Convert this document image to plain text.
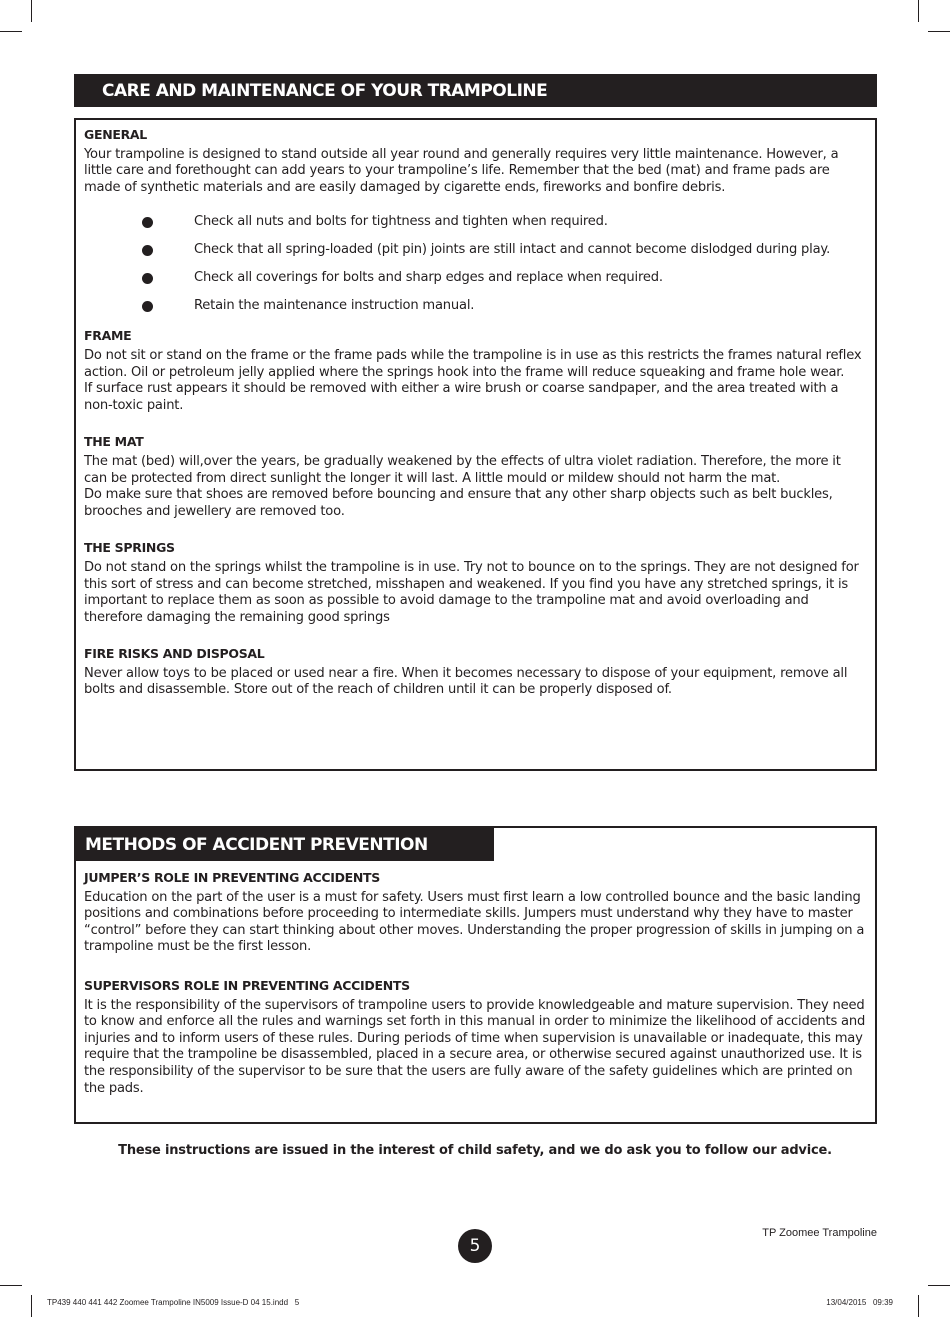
CARE AND MAINTENANCE OF YOUR TRAMPOLINE
GENERAL

Your trampoline is designed to stand outside all year round and generally requires very little maintenance. However, a little care and forethought can add years to your trampoline’s life. Remember that the bed (mat) and frame pads are made of synthetic materials and are easily damaged by cigarette ends, fireworks and bonfire debris.

Check all nuts and bolts for tightness and tighten when required.
Check that all spring-loaded (pit pin) joints are still intact and cannot become dislodged during play.
Check all coverings for bolts and sharp edges and replace when required.
Retain the maintenance instruction manual.
FRAME

Do not sit or stand on the frame or the frame pads while the trampoline is in use as this restricts the frames natural reflex action. Oil or petroleum jelly applied where the springs hook into the frame will reduce squeaking and frame hole wear.

If surface rust appears it should be removed with either a wire brush or coarse sandpaper, and the area treated with a non-toxic paint.

THE MAT

The mat (bed) will,over the years, be gradually weakened by the effects of ultra violet radiation. Therefore, the more it can be protected from direct sunlight the longer it will last. A little mould or mildew should not harm the mat.

Do make sure that shoes are removed before bouncing and ensure that any other sharp objects such as belt buckles, brooches and jewellery are removed too.

THE SPRINGS

Do not stand on the springs whilst the trampoline is in use. Try not to bounce on to the springs. They are not designed for this sort of stress and can become stretched, misshapen and weakened. If you find you have any stretched springs, it is important to replace them as soon as possible to avoid damage to the trampoline mat and avoid overloading and therefore damaging the remaining good springs

FIRE RISKS AND DISPOSAL

Never allow toys to be placed or used near a fire. When it becomes necessary to dispose of your equipment, remove all bolts and disassemble. Store out of the reach of children until it can be properly disposed of.

METHODS OF ACCIDENT PREVENTION
JUMPER’S ROLE IN PREVENTING ACCIDENTS

Education on the part of the user is a must for safety. Users must first learn a low controlled bounce and the basic landing positions and combinations before proceeding to intermediate skills. Jumpers must understand why they have to master “control” before they can start thinking about other moves. Understanding the proper progression of skills in jumping on a trampoline must be the first lesson.

SUPERVISORS ROLE IN PREVENTING ACCIDENTS

It is the responsibility of the supervisors of trampoline users to provide knowledgeable and mature supervision. They need to know and enforce all the rules and warnings set forth in this manual in order to minimize the likelihood of accidents and injuries and to inform users of these rules. During periods of time when supervision is unavailable or inadequate, this may require that the trampoline be disassembled, placed in a secure area, or otherwise secured against unauthorized use. It is the responsibility of the supervisor to be sure that the users are fully aware of the safety guidelines which are printed on the pads.

These instructions are issued in the interest of child safety, and we do ask you to follow our advice.
5
TP Zoomee Trampoline
TP439 440 441 442 Zoomee Trampoline IN5009 Issue-D 04 15.indd   5	13/04/2015   09:39
